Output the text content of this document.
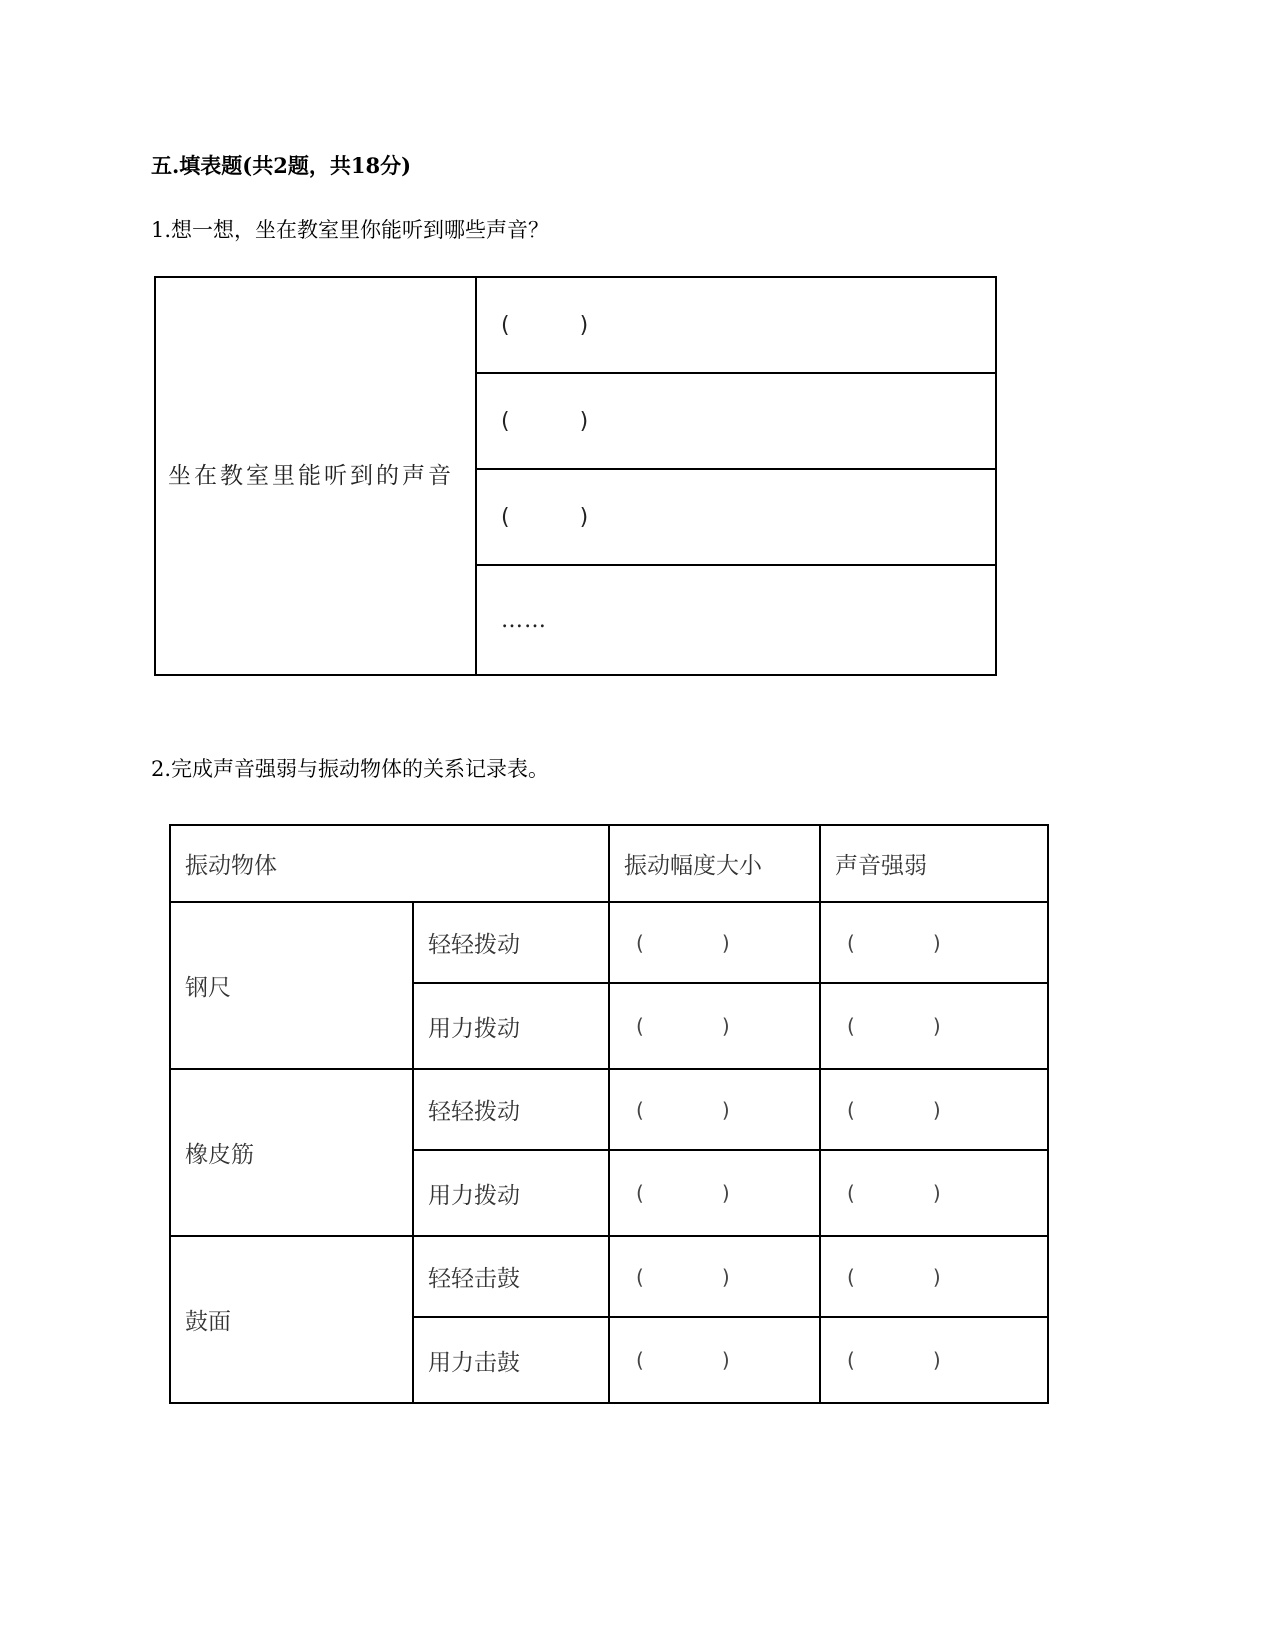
五.填表题(共2题，共18分)
1.想一想，坐在教室里你能听到哪些声音？
坐在教室里能听到的声音	
(	)

(	)

(	)

……
2.完成声音强弱与振动物体的关系记录表。
振动物体		振动幅度大小	声音强弱
钢尺	轻轻拨动	( )	( )

	用力拨动	( )	( )

橡皮筋	轻轻拨动	( )	( )

	用力拨动	( )	( )

鼓面	轻轻击鼓	( )	( )

	用力击鼓	( )	( )
